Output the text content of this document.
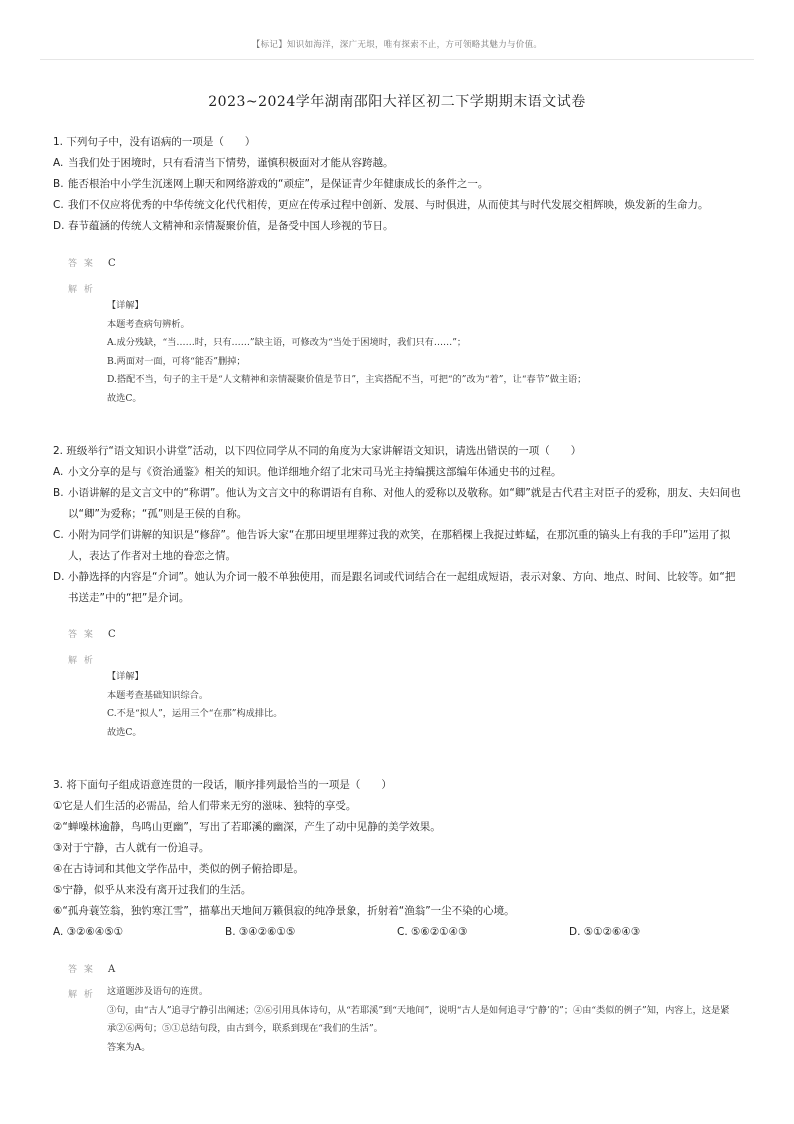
【标记】知识如海洋，深广无垠，唯有探索不止，方可领略其魅力与价值。
2023~2024学年湖南邵阳大祥区初二下学期期末语文试卷
1. 下列句子中，没有语病的一项是（　　）
A. 当我们处于困境时，只有看清当下情势，谨慎积极面对才能从容跨越。
B. 能否根治中小学生沉迷网上聊天和网络游戏的“顽症”，是保证青少年健康成长的条件之一。
C. 我们不仅应将优秀的中华传统文化代代相传，更应在传承过程中创新、发展、与时俱进，从而使其与时代发展交相辉映，焕发新的生命力。
D. 春节蕴涵的传统人文精神和亲情凝聚价值，是备受中国人珍视的节日。
答 案 C
解 析
【详解】
本题考查病句辨析。
A.成分残缺，“当……时，只有……”缺主语，可修改为“当处于困境时，我们只有……”；
B.两面对一面，可将“能否”删掉；
D.搭配不当，句子的主干是“人文精神和亲情凝聚价值是节日”，主宾搭配不当，可把“的”改为“着”，让“春节”做主语；
故选C。
2. 班级举行“语文知识小讲堂”活动，以下四位同学从不同的角度为大家讲解语文知识，请选出错误的一项（　　）
A. 小文分享的是与《资治通鉴》相关的知识。他详细地介绍了北宋司马光主持编撰这部编年体通史书的过程。
B. 小语讲解的是文言文中的“称谓”。他认为文言文中的称谓语有自称、对他人的爱称以及敬称。如“卿”就是古代君主对臣子的爱称，朋友、夫妇间也以“卿”为爱称；“孤”则是王侯的自称。
C. 小附为同学们讲解的知识是“修辞”。他告诉大家“在那田埂里埋葬过我的欢笑，在那稻棵上我捉过蚱蜢，在那沉重的镐头上有我的手印”运用了拟人，表达了作者对土地的眷恋之情。
D. 小静选择的内容是“介词”。她认为介词一般不单独使用，而是跟名词或代词结合在一起组成短语，表示对象、方向、地点、时间、比较等。如“把书送走”中的“把”是介词。
答 案 C
解 析
【详解】
本题考查基础知识综合。
C.不是“拟人”，运用三个“在那”构成排比。
故选C。
3. 将下面句子组成语意连贯的一段话，顺序排列最恰当的一项是（　　）
①它是人们生活的必需品，给人们带来无穷的滋味、独特的享受。
②“蝉噪林逾静，鸟鸣山更幽”，写出了若耶溪的幽深，产生了动中见静的美学效果。
③对于宁静，古人就有一份追寻。
④在古诗词和其他文学作品中，类似的例子俯拾即是。
⑤宁静，似乎从来没有离开过我们的生活。
⑥“孤舟蓑笠翁，独钓寒江雪”，描摹出天地间万籁俱寂的纯净景象，折射着“渔翁”一尘不染的心境。
A. ③②⑥④⑤①	B. ③④②⑥①⑤	C. ⑤⑥②①④③	D. ⑤①②⑥④③
答 案 A
解 析	这道题涉及语句的连贯。
③句，由“古人”追寻宁静引出阐述；②⑥引用具体诗句，从“若耶溪”到“天地间”，说明“古人是如何追寻‘宁静’的”；④由“类似的例子”知，内容上，这是紧承②⑥两句；⑤①总结句段，由古到今，联系到现在“我们的生活”。
答案为A。
